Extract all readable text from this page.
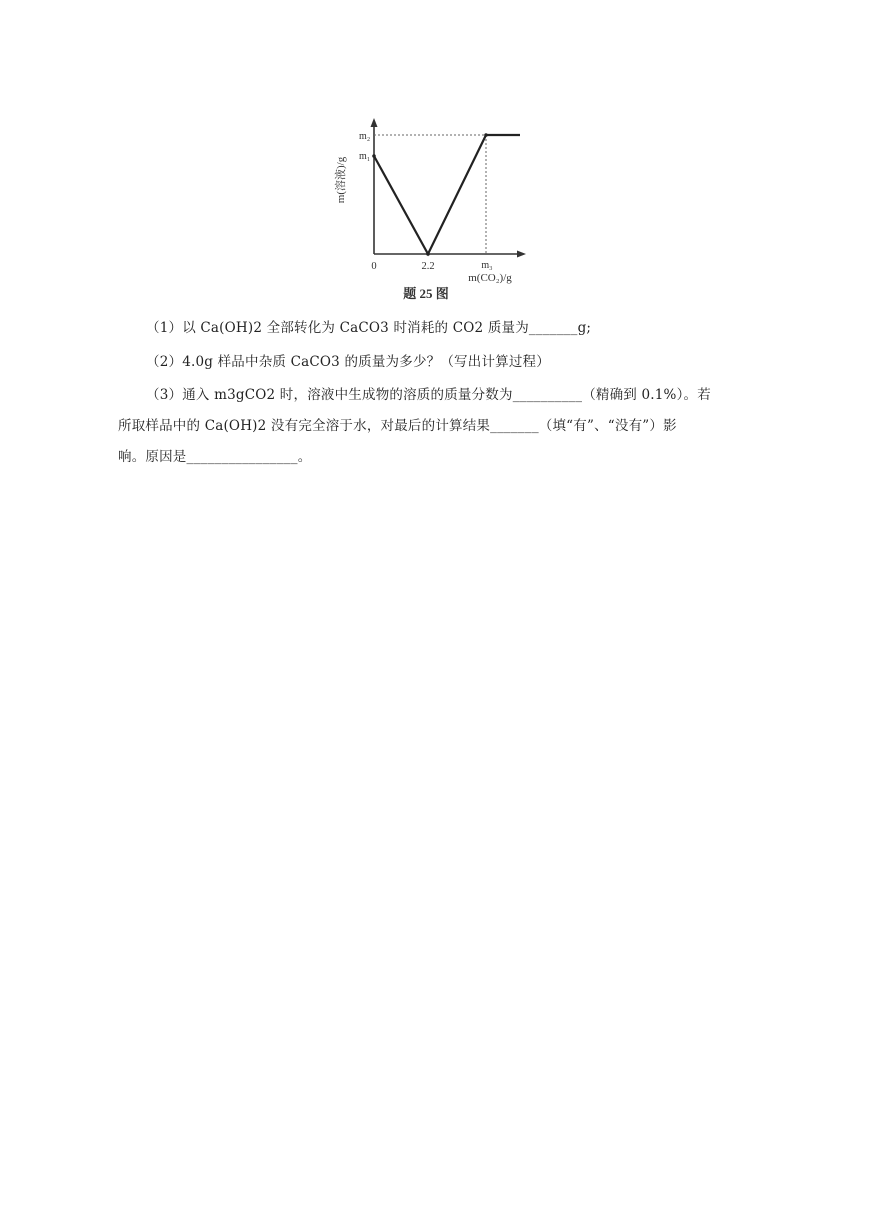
m(溶液)/g
m₂
m₁
0	2.2	m₃
m(CO₂)/g
题 25 图
（1）以 Ca(OH)2 全部转化为 CaCO3 时消耗的 CO2 质量为_______g;
（2）4.0g 样品中杂质 CaCO3 的质量为多少？（写出计算过程）
（3）通入 m3gCO2 时，溶液中生成物的溶质的质量分数为__________（精确到 0.1%）。若
所取样品中的 Ca(OH)2 没有完全溶于水，对最后的计算结果_______（填“有”、“没有”）影
响。原因是________________。
